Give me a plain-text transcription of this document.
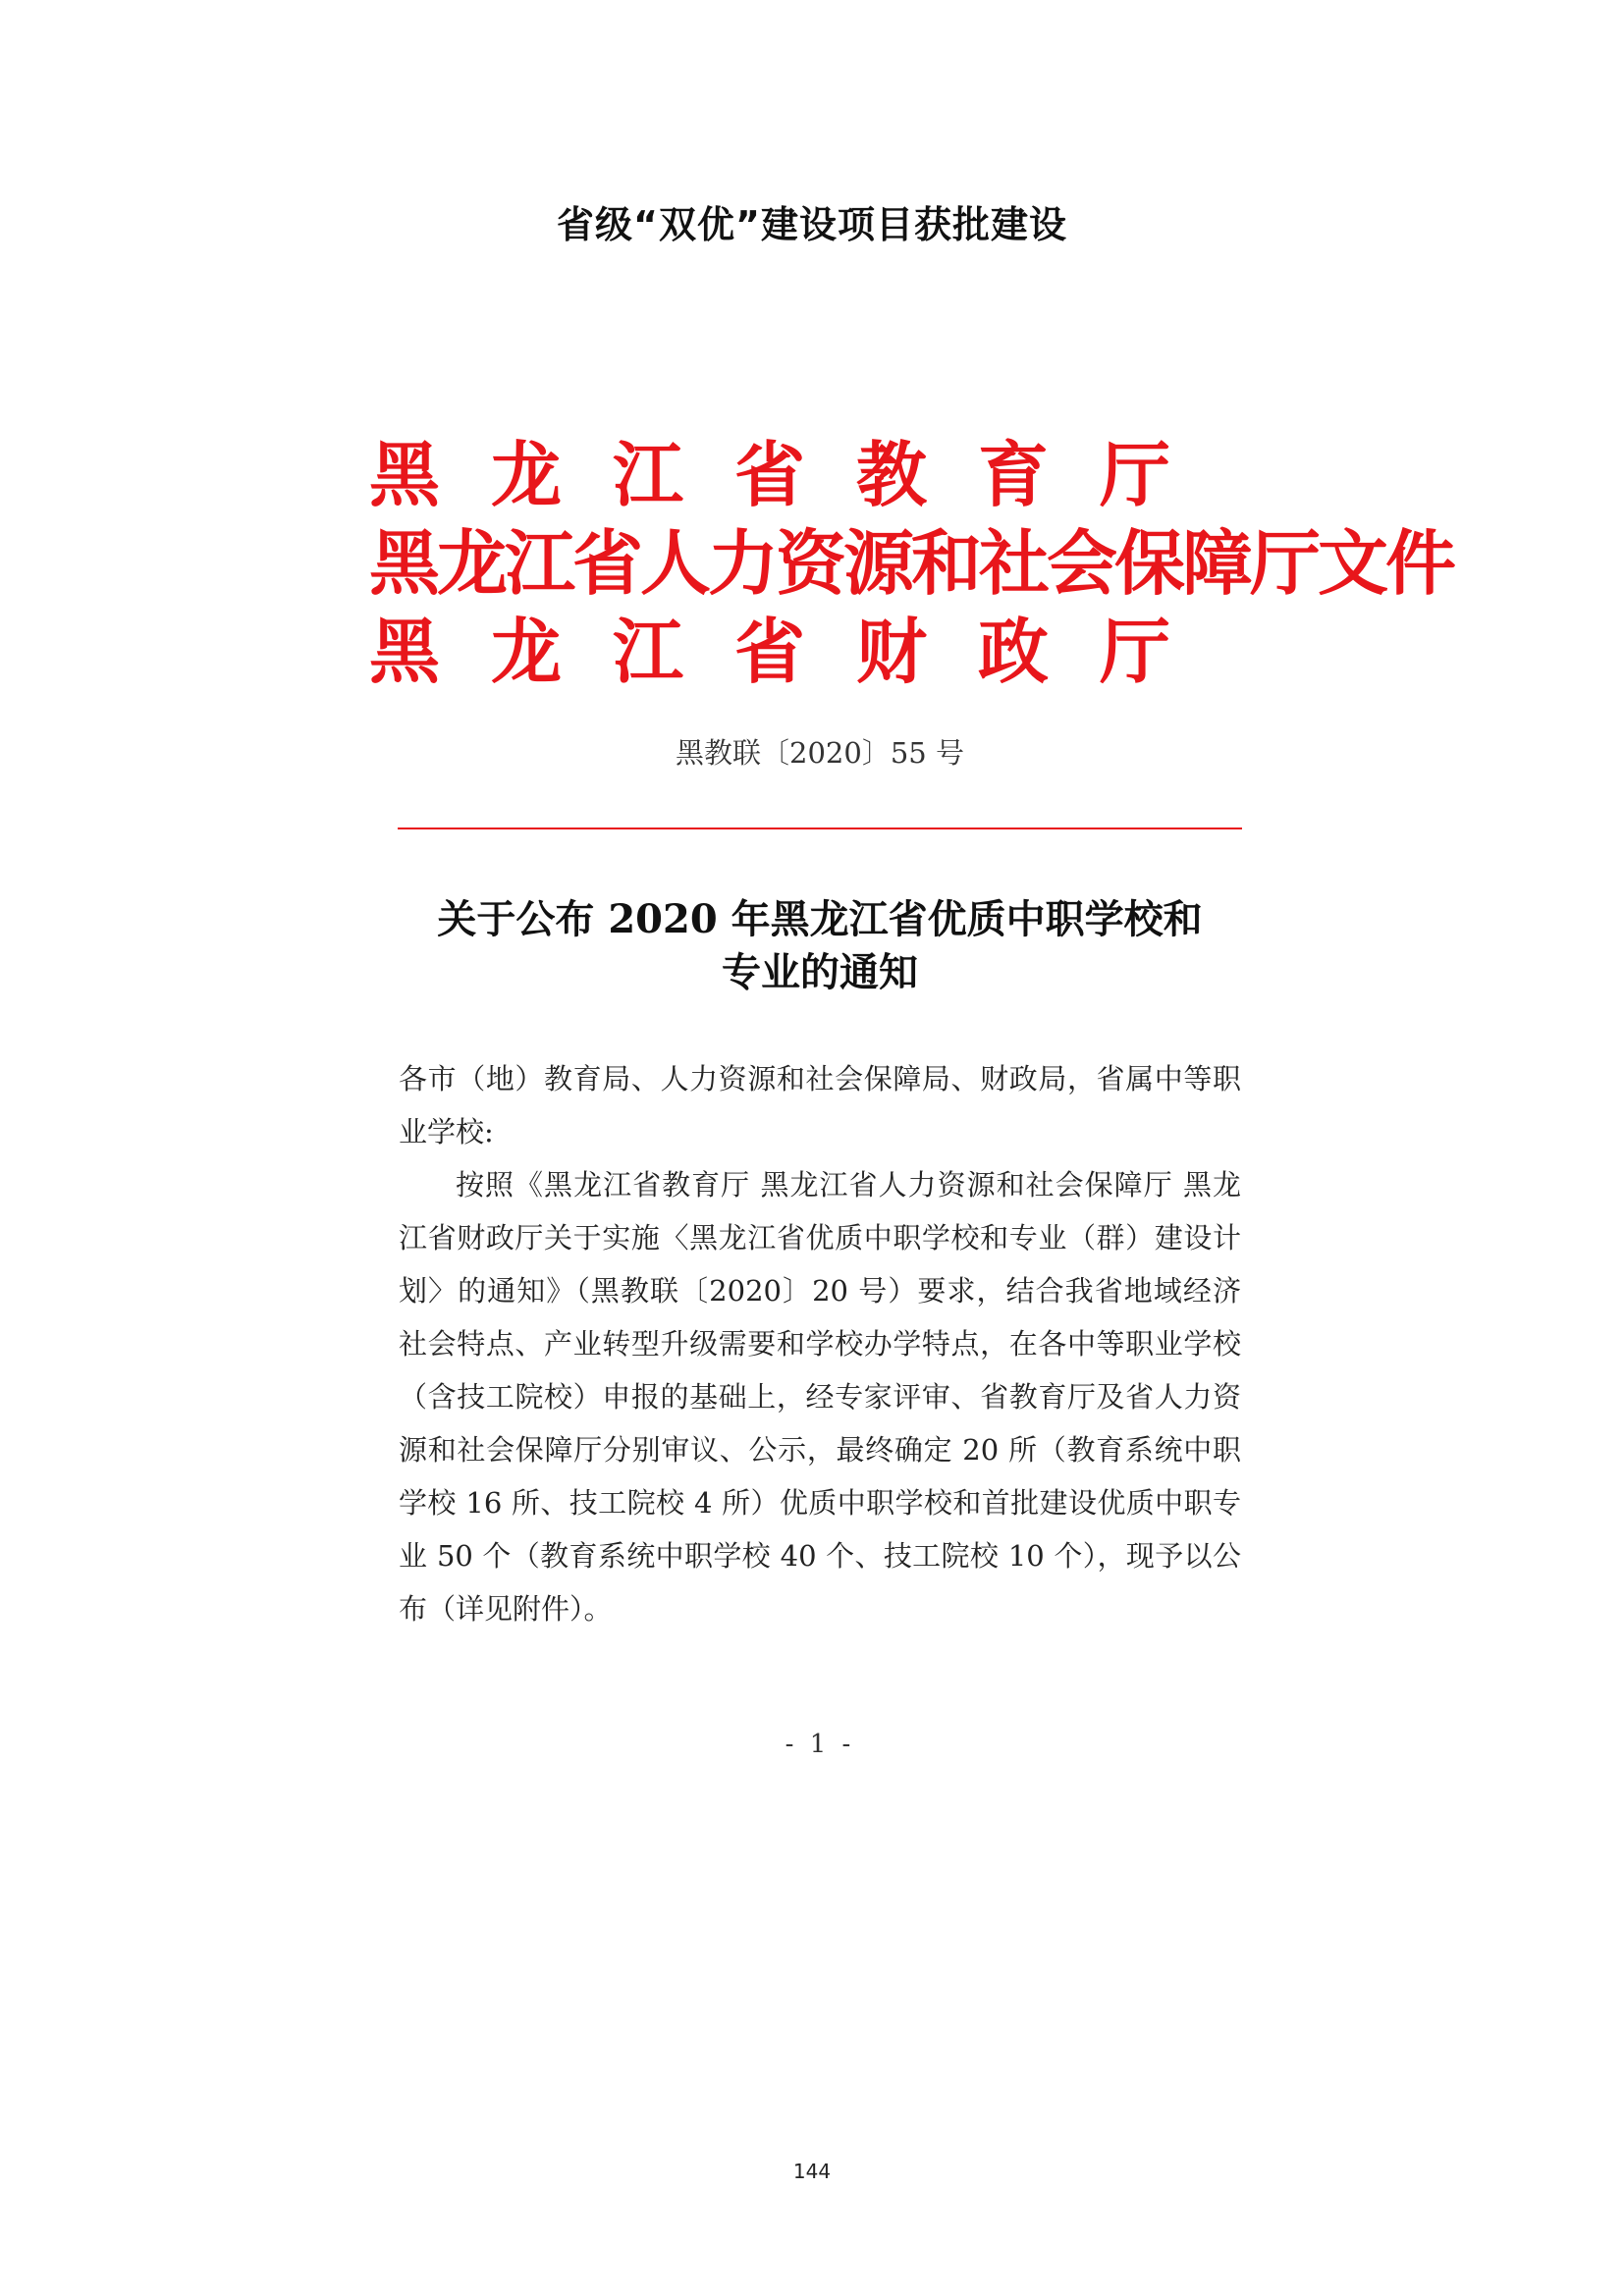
省级“双优”建设项目获批建设
黑龙江省教育厅
黑龙江省人力资源和社会保障厅文件
黑龙江省财政厅
黑教联〔2020〕55 号
关于公布 2020 年黑龙江省优质中职学校和
专业的通知

各市（地）教育局、人力资源和社会保障局、财政局，省属中等职业学校:

按照《黑龙江省教育厅 黑龙江省人力资源和社会保障厅 黑龙江省财政厅关于实施〈黑龙江省优质中职学校和专业（群）建设计划〉的通知》（黑教联〔2020〕20 号）要求，结合我省地域经济社会特点、产业转型升级需要和学校办学特点，在各中等职业学校（含技工院校）申报的基础上，经专家评审、省教育厅及省人力资源和社会保障厅分别审议、公示，最终确定 20 所（教育系统中职学校 16 所、技工院校 4 所）优质中职学校和首批建设优质中职专业 50 个（教育系统中职学校 40 个、技工院校 10 个），现予以公布（详见附件）。

- 1 -
144
